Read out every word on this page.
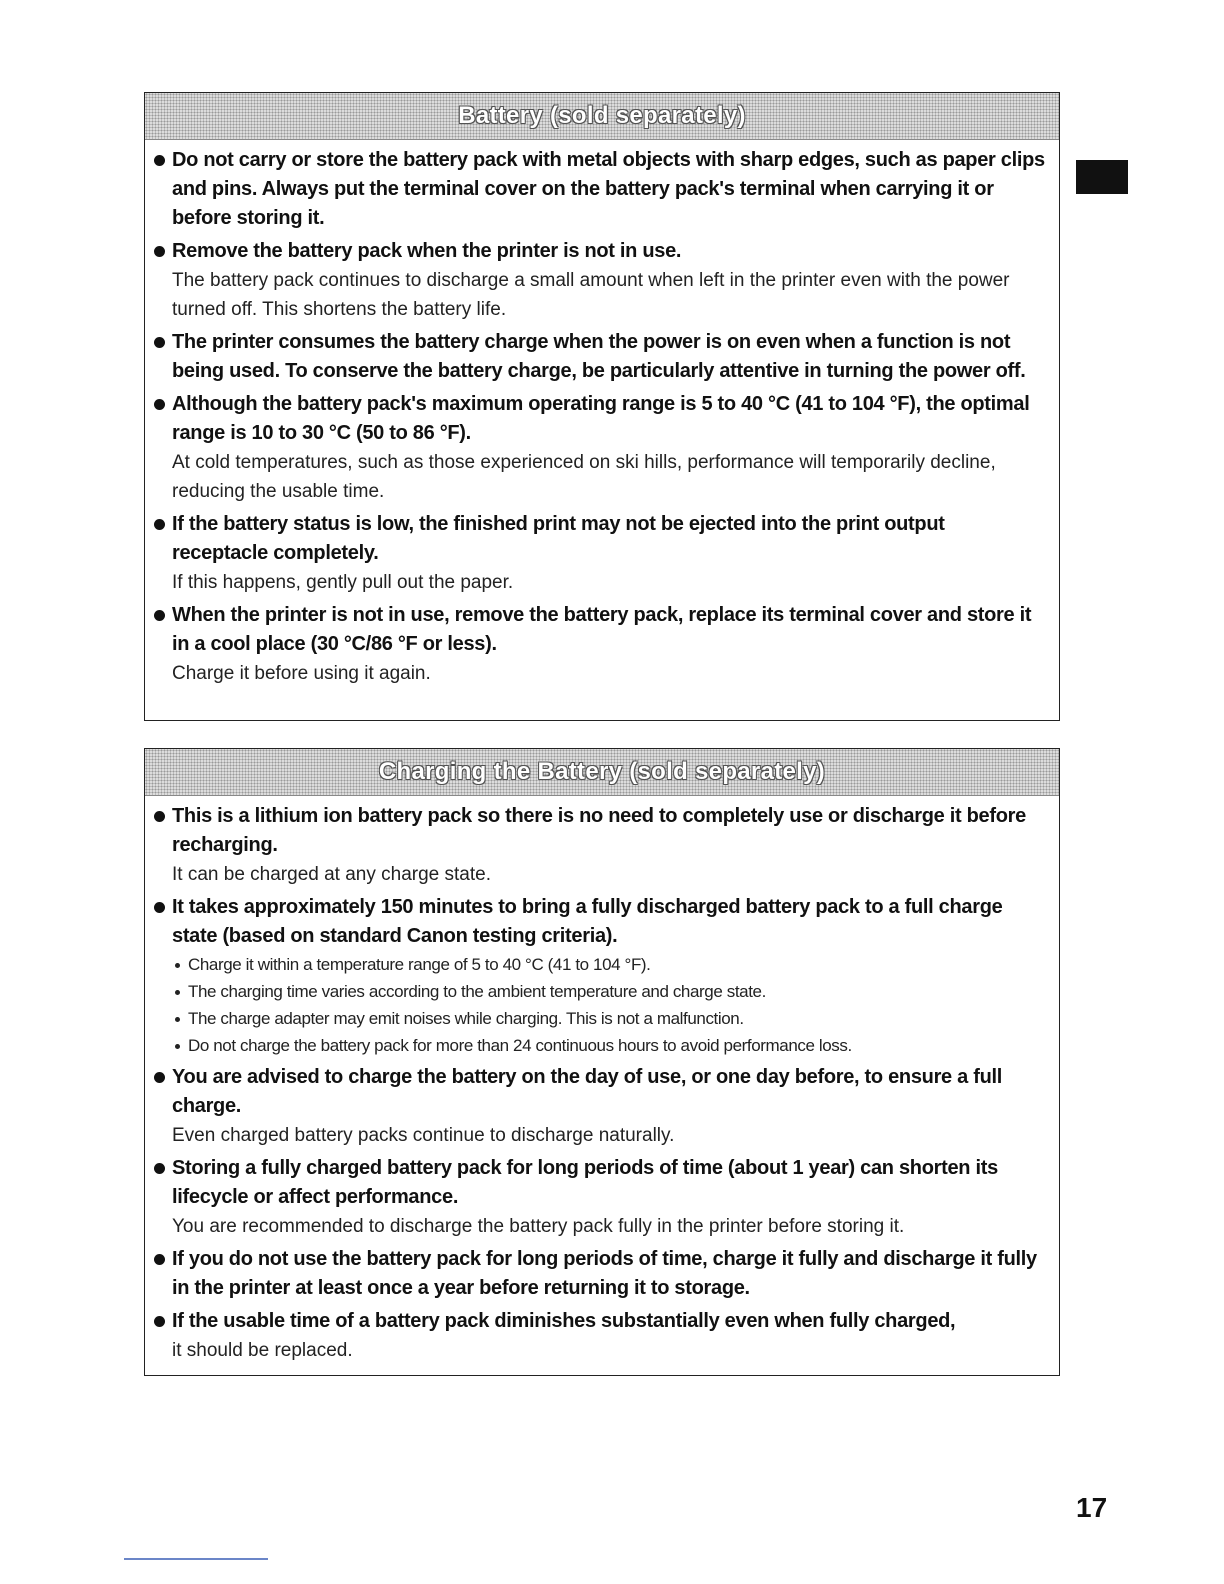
Battery (sold separately)
Do not carry or store the battery pack with metal objects with sharp edges, such as paper clips and pins. Always put the terminal cover on the battery pack's terminal when carrying it or before storing it.
Remove the battery pack when the printer is not in use.
The battery pack continues to discharge a small amount when left in the printer even with the power turned off. This shortens the battery life.
The printer consumes the battery charge when the power is on even when a function is not being used. To conserve the battery charge, be particularly attentive in turning the power off.
Although the battery pack's maximum operating range is 5 to 40 °C (41 to 104 °F), the optimal range is 10 to 30 °C (50 to 86 °F).
At cold temperatures, such as those experienced on ski hills, performance will temporarily decline, reducing the usable time.
If the battery status is low, the finished print may not be ejected into the print output receptacle completely.
If this happens, gently pull out the paper.
When the printer is not in use, remove the battery pack, replace its terminal cover and store it in a cool place (30 °C/86 °F or less).
Charge it before using it again.
Charging the Battery (sold separately)
This is a lithium ion battery pack so there is no need to completely use or discharge it before recharging.
It can be charged at any charge state.
It takes approximately 150 minutes to bring a fully discharged battery pack to a full charge state (based on standard Canon testing criteria).
Charge it within a temperature range of 5 to 40 °C (41 to 104 °F).
The charging time varies according to the ambient temperature and charge state.
The charge adapter may emit noises while charging. This is not a malfunction.
Do not charge the battery pack for more than 24 continuous hours to avoid performance loss.
You are advised to charge the battery on the day of use, or one day before, to ensure a full charge.
Even charged battery packs continue to discharge naturally.
Storing a fully charged battery pack for long periods of time (about 1 year) can shorten its lifecycle or affect performance.
You are recommended to discharge the battery pack fully in the printer before storing it.
If you do not use the battery pack for long periods of time, charge it fully and discharge it fully in the printer at least once a year before returning it to storage.
If the usable time of a battery pack diminishes substantially even when fully charged,
it should be replaced.
17
